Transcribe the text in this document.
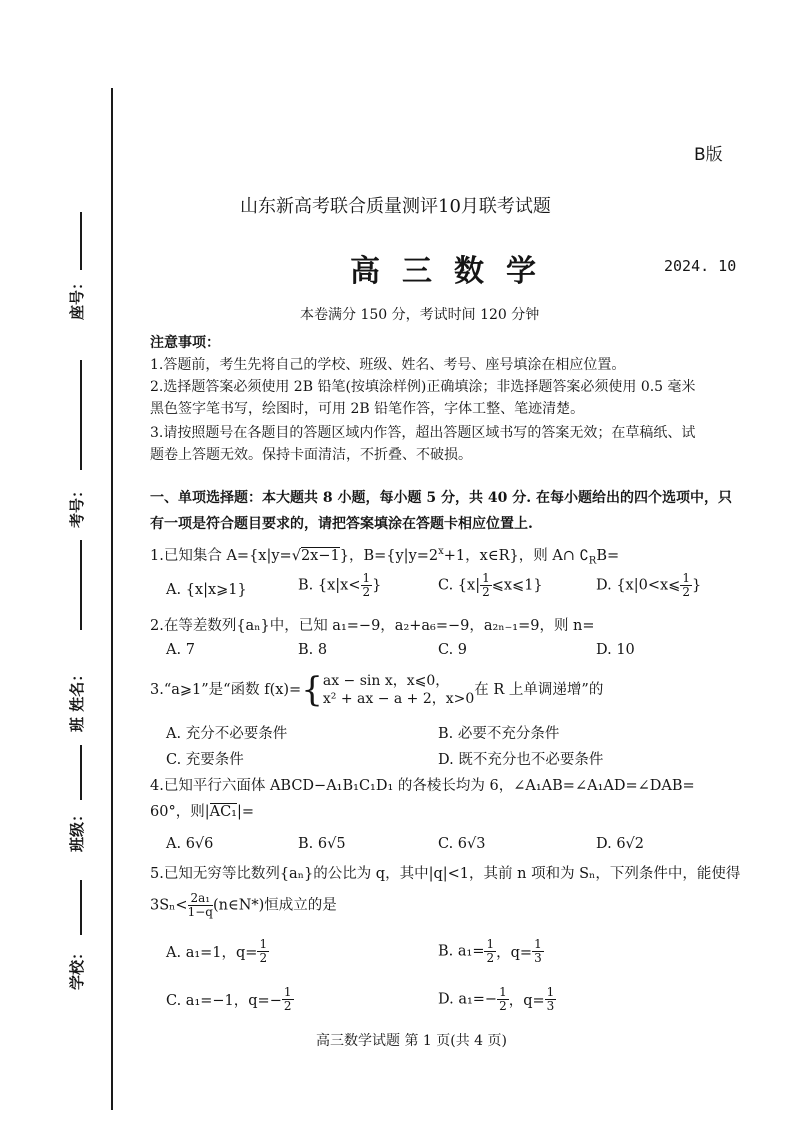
座号：
考号：
班 姓名：
班级：
学校：
B版
山东新高考联合质量测评10月联考试题
高三数学	2024. 10
本卷满分 150 分，考试时间 120 分钟
注意事项：
1.答题前，考生先将自己的学校、班级、姓名、考号、座号填涂在相应位置。
2.选择题答案必须使用 2B 铅笔(按填涂样例)正确填涂；非选择题答案必须使用 0.5 毫米
黑色签字笔书写，绘图时，可用 2B 铅笔作答，字体工整、笔迹清楚。
3.请按照题号在各题目的答题区域内作答，超出答题区域书写的答案无效；在草稿纸、试
题卷上答题无效。保持卡面清洁，不折叠、不破损。
一、单项选择题：本大题共 8 小题，每小题 5 分，共 40 分. 在每小题给出的四个选项中，只
有一项是符合题目要求的，请把答案填涂在答题卡相应位置上.
1.已知集合 A={x|y=√2x−1}，$B=\{y|y=2^x+1$，x∈R}，则 A∩ $∁_RB=$
A. {x|x⩾1}	B. {$x|x< \frac{1}{2}$ }	C. {$x| \frac{1}{2}$ ⩽x⩽1}	D. {x|0<x⩽ $\frac{1}{2}$ }
2.在等差数列{aₙ}中，已知 a₁=−9，a₂+a₆=−9，a₂ₙ₋₁=9，则 n=
A. 7	B. 8	C. 9	D. 10
3.“a⩾1”是“函数 f(x)={ ax − sin x，x⩽0，
x² + ax − a + 2，x>0
在 R 上单调递增”的
A. 充分不必要条件	B. 必要不充分条件
C. 充要条件	D. 既不充分也不必要条件
4.已知平行六面体 ABCD−A₁B₁C₁D₁ 的各棱长均为 6，∠A₁AB=∠A₁AD=∠DAB=
60°，则|AC₁|=
A. 6√6	B. 6√5	C. 6√3	D. 6√2
5.已知无穷等比数列{aₙ}的公比为 q，其中|q|<1，其前 n 项和为 Sₙ，下列条件中，能使得
$3S_n< \frac{\text{2a₁}}{1-q}$ (n∈N*)恒成立的是
A. a₁=1，$q= \frac{1}{2}$	B. $a_1= \frac{1}{2}$ ，$q= \frac{1}{3}$
C. a₁=−1，$q=- \frac{1}{2}$	D. $a_1=- \frac{1}{2}$ ，$q= \frac{1}{3}$
高三数学试题 第 1 页(共 4 页)
